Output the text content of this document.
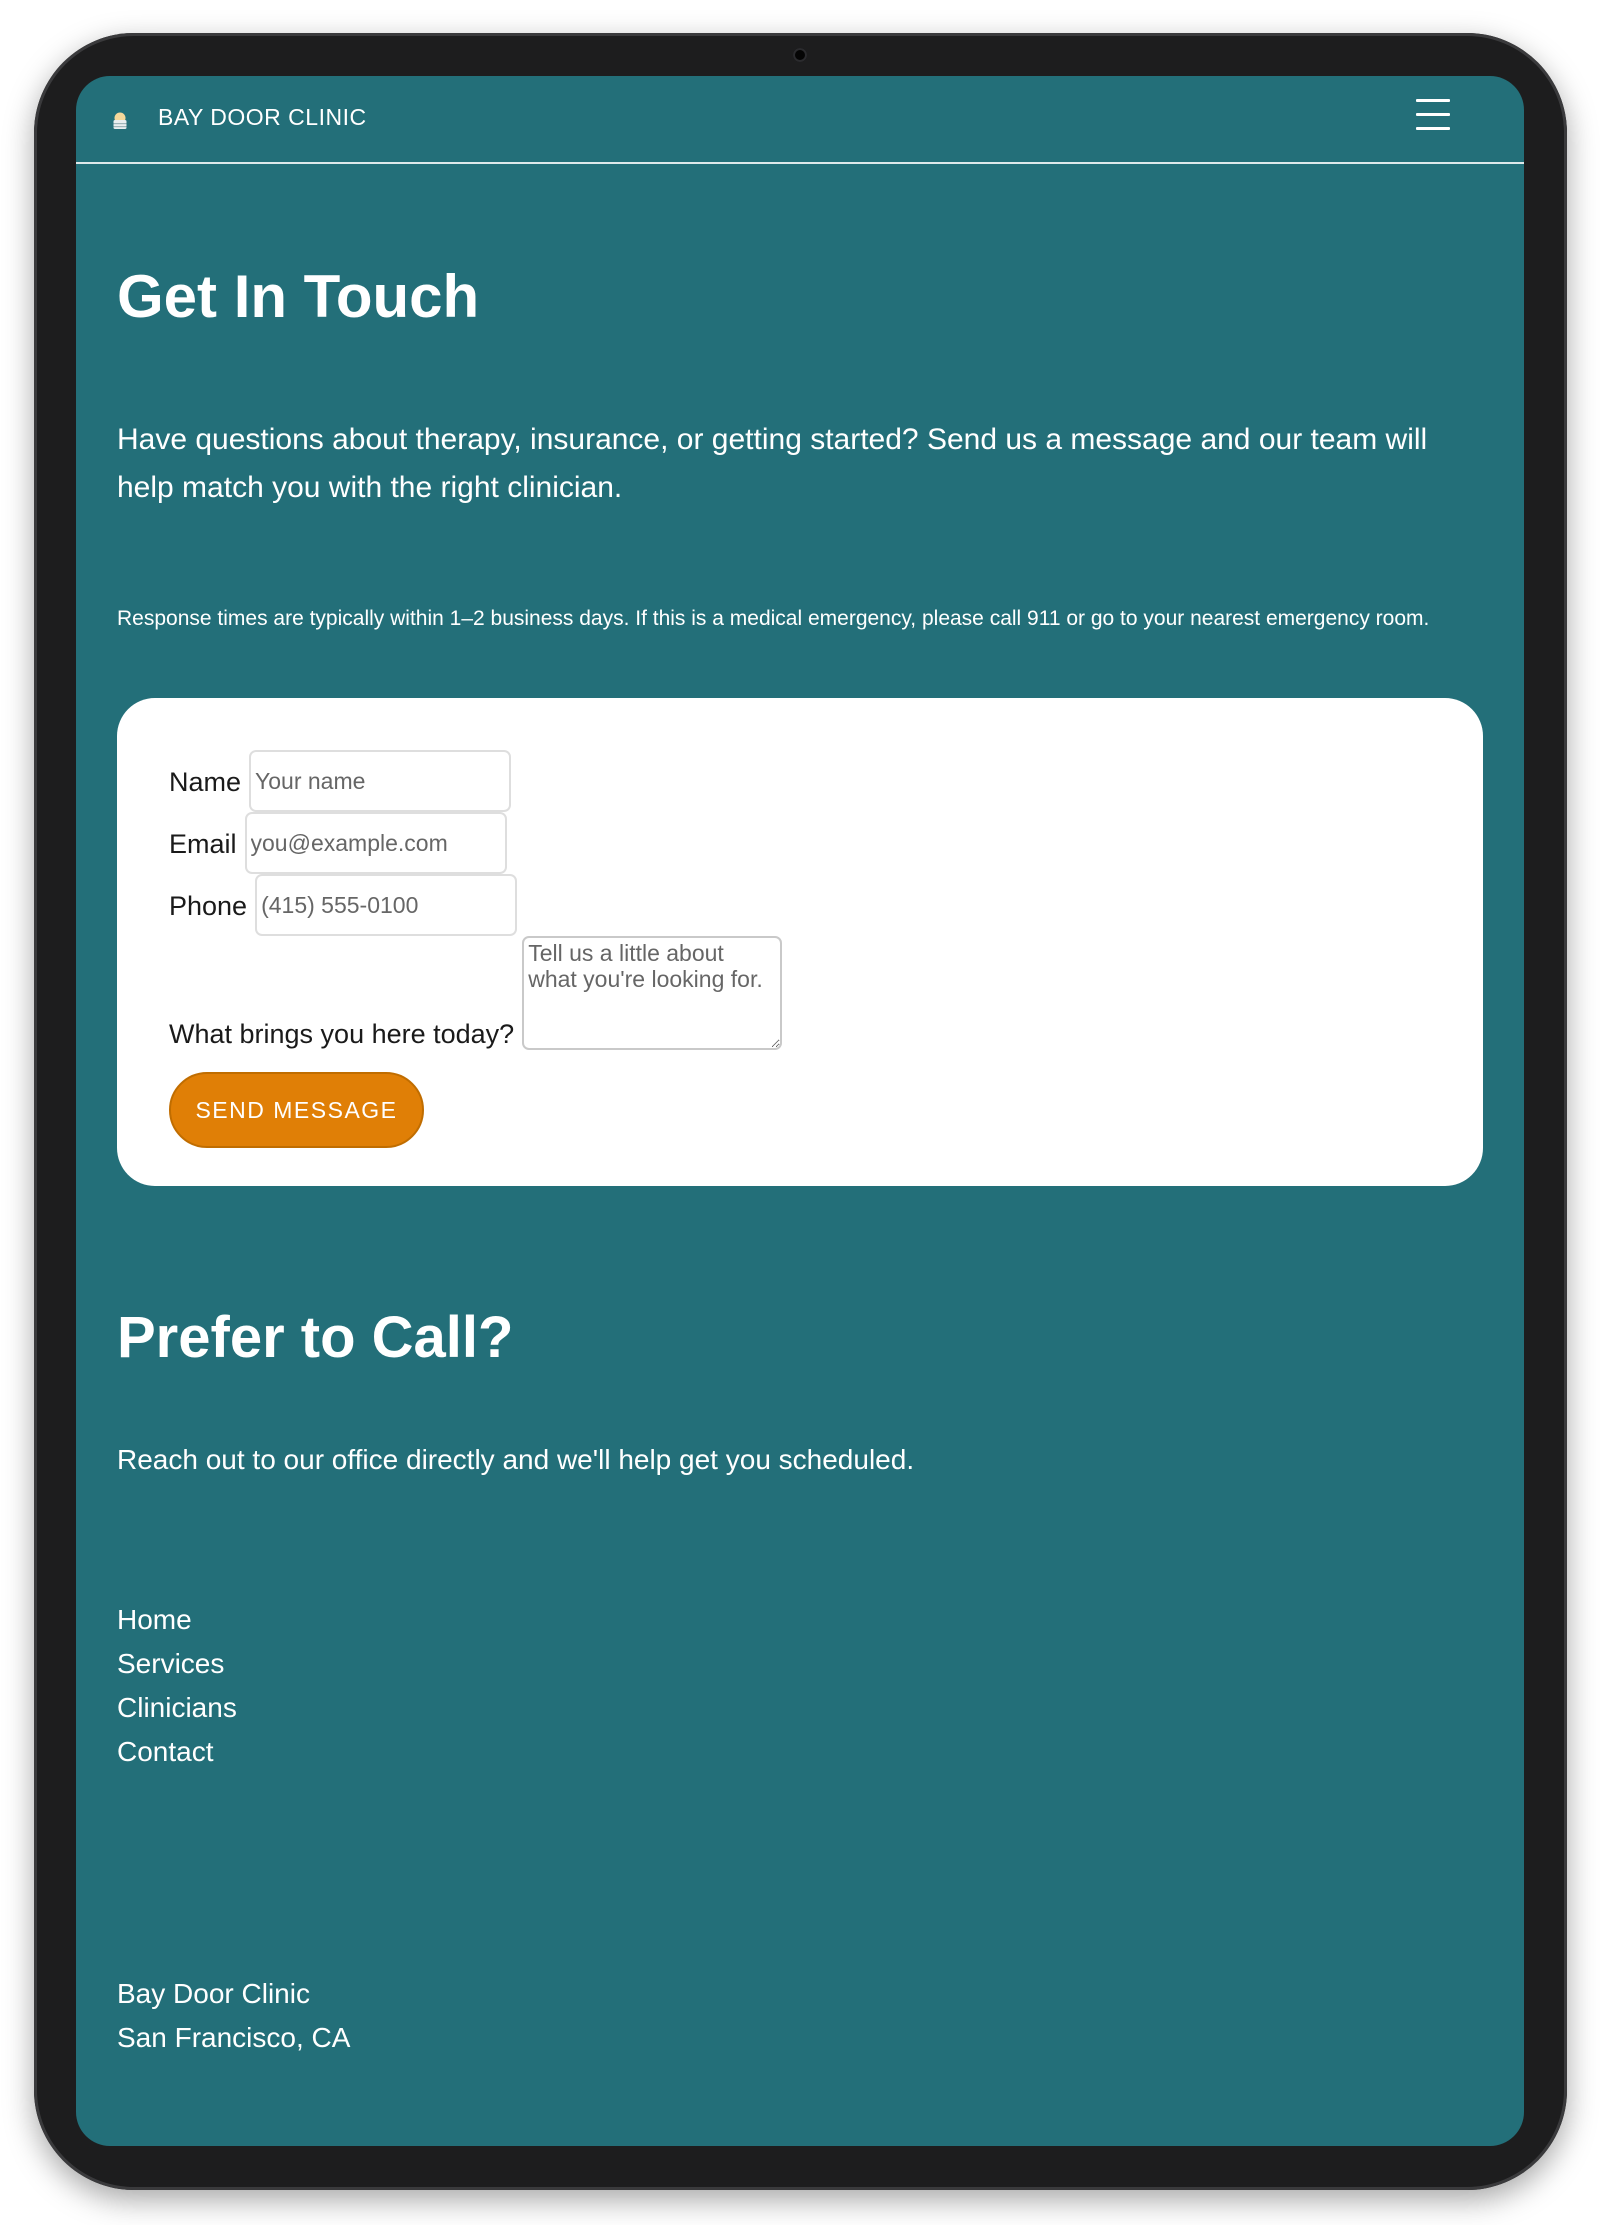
BAY DOOR CLINIC
Get In Touch

Have questions about therapy, insurance, or getting started? Send us a message and our team will help match you with the right clinician.

Response times are typically within 1–2 business days. If this is a medical emergency, please call 911 or go to your nearest emergency room.

Name
Your name
Email
you@example.com
Phone
(415) 555-0100
What brings you here today?
Tell us a little about what you're looking for.
SEND MESSAGE
Prefer to Call?

Reach out to our office directly and we'll help get you scheduled.

Home
Services
Clinicians
Contact
Bay Door Clinic
San Francisco, CA
